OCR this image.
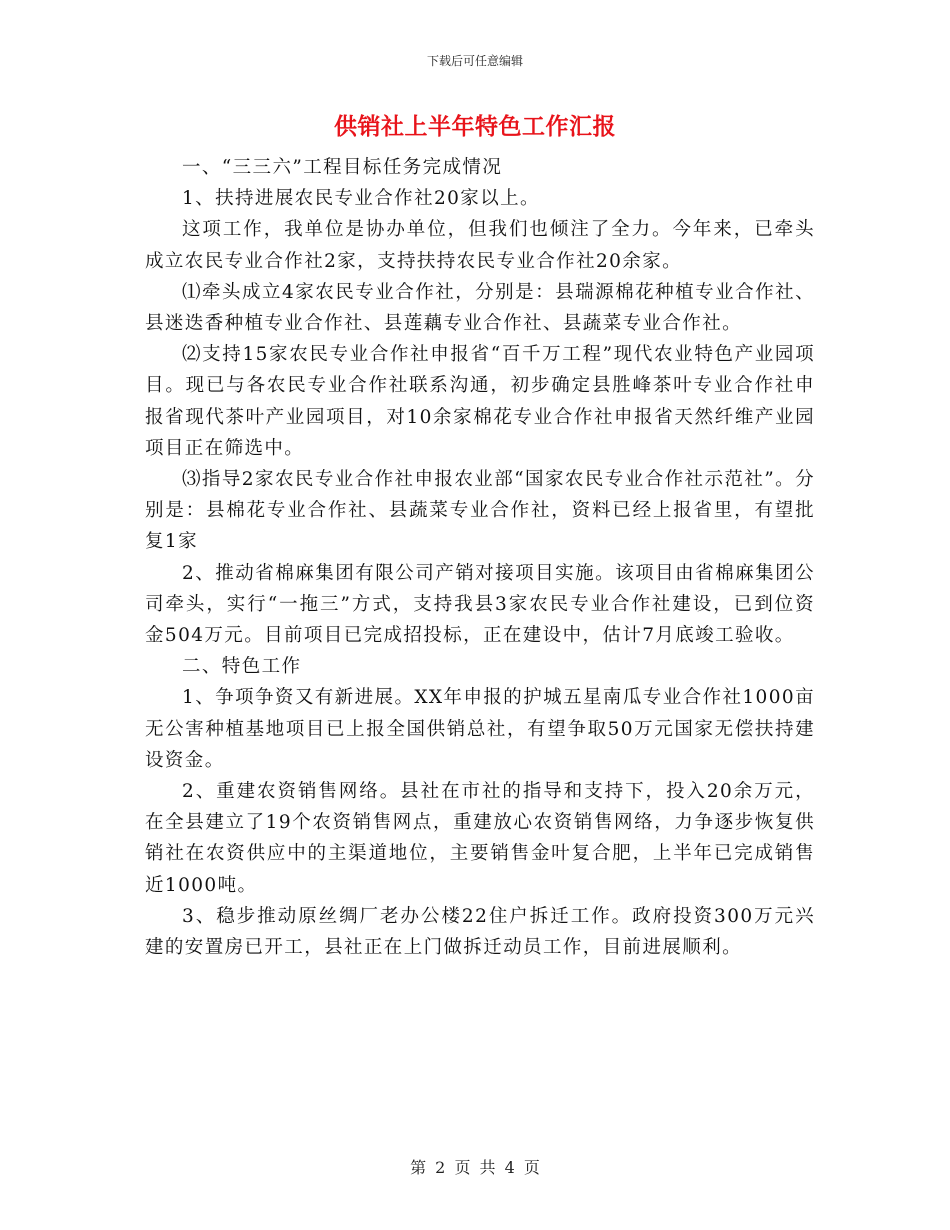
下载后可任意编辑
供销社上半年特色工作汇报

一、“三三六”工程目标任务完成情况

1、扶持进展农民专业合作社20家以上。

这项工作，我单位是协办单位，但我们也倾注了全力。今年来，已牵头成立农民专业合作社2家，支持扶持农民专业合作社20余家。

⑴牵头成立4家农民专业合作社，分别是：县瑞源棉花种植专业合作社、县迷迭香种植专业合作社、县莲藕专业合作社、县蔬菜专业合作社。

⑵支持15家农民专业合作社申报省“百千万工程”现代农业特色产业园项目。现已与各农民专业合作社联系沟通，初步确定县胜峰茶叶专业合作社申报省现代茶叶产业园项目，对10余家棉花专业合作社申报省天然纤维产业园项目正在筛选中。

⑶指导2家农民专业合作社申报农业部“国家农民专业合作社示范社”。分别是：县棉花专业合作社、县蔬菜专业合作社，资料已经上报省里，有望批复1家

2、推动省棉麻集团有限公司产销对接项目实施。该项目由省棉麻集团公司牵头，实行“一拖三”方式，支持我县3家农民专业合作社建设，已到位资金504万元。目前项目已完成招投标，正在建设中，估计7月底竣工验收。

二、特色工作

1、争项争资又有新进展。XX年申报的护城五星南瓜专业合作社1000亩无公害种植基地项目已上报全国供销总社，有望争取50万元国家无偿扶持建设资金。

2、重建农资销售网络。县社在市社的指导和支持下，投入20余万元，在全县建立了19个农资销售网点，重建放心农资销售网络，力争逐步恢复供销社在农资供应中的主渠道地位，主要销售金叶复合肥，上半年已完成销售近1000吨。

3、稳步推动原丝绸厂老办公楼22住户拆迁工作。政府投资300万元兴建的安置房已开工，县社正在上门做拆迁动员工作，目前进展顺利。

第 2 页 共 4 页
